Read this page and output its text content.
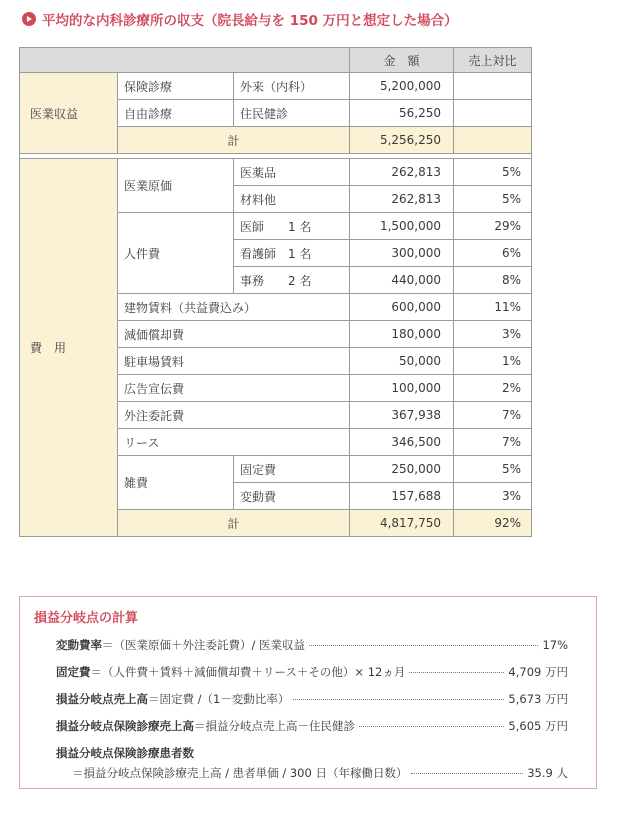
平均的な内科診療所の収支（院長給与を 150 万円と想定した場合）
			金　額	売上対比
医業収益	保険診療	外来（内科）	5,200,000	
	自由診療	住民健診	56,250	
	計		5,256,250	

費　用	医業原価	医薬品	262,813	5%
		材料他	262,813	5%
	人件費	医師　　1 名	1,500,000	29%
		看護師　1 名	300,000	6%
		事務　　2 名	440,000	8%
	建物賃料（共益費込み）		600,000	11%
	減価償却費		180,000	3%
	駐車場賃料		50,000	1%
	広告宣伝費		100,000	2%
	外注委託費		367,938	7%
	リース		346,500	7%
	雑費	固定費	250,000	5%
		変動費	157,688	3%
	計		4,817,750	92%
損益分岐点の計算
変動費率 ＝（医業原価＋外注委託費）/ 医業収益	17%
固定費 ＝（人件費＋賃料＋減価償却費＋リース＋その他）× 12ヵ月	4,709 万円
損益分岐点売上高 ＝固定費 /（1－変動比率）	5,673 万円
損益分岐点保険診療売上高 ＝損益分岐点売上高－住民健診	5,605 万円
損益分岐点保険診療患者数
＝損益分岐点保険診療売上高 / 患者単価 / 300 日（年稼働日数）	35.9 人
